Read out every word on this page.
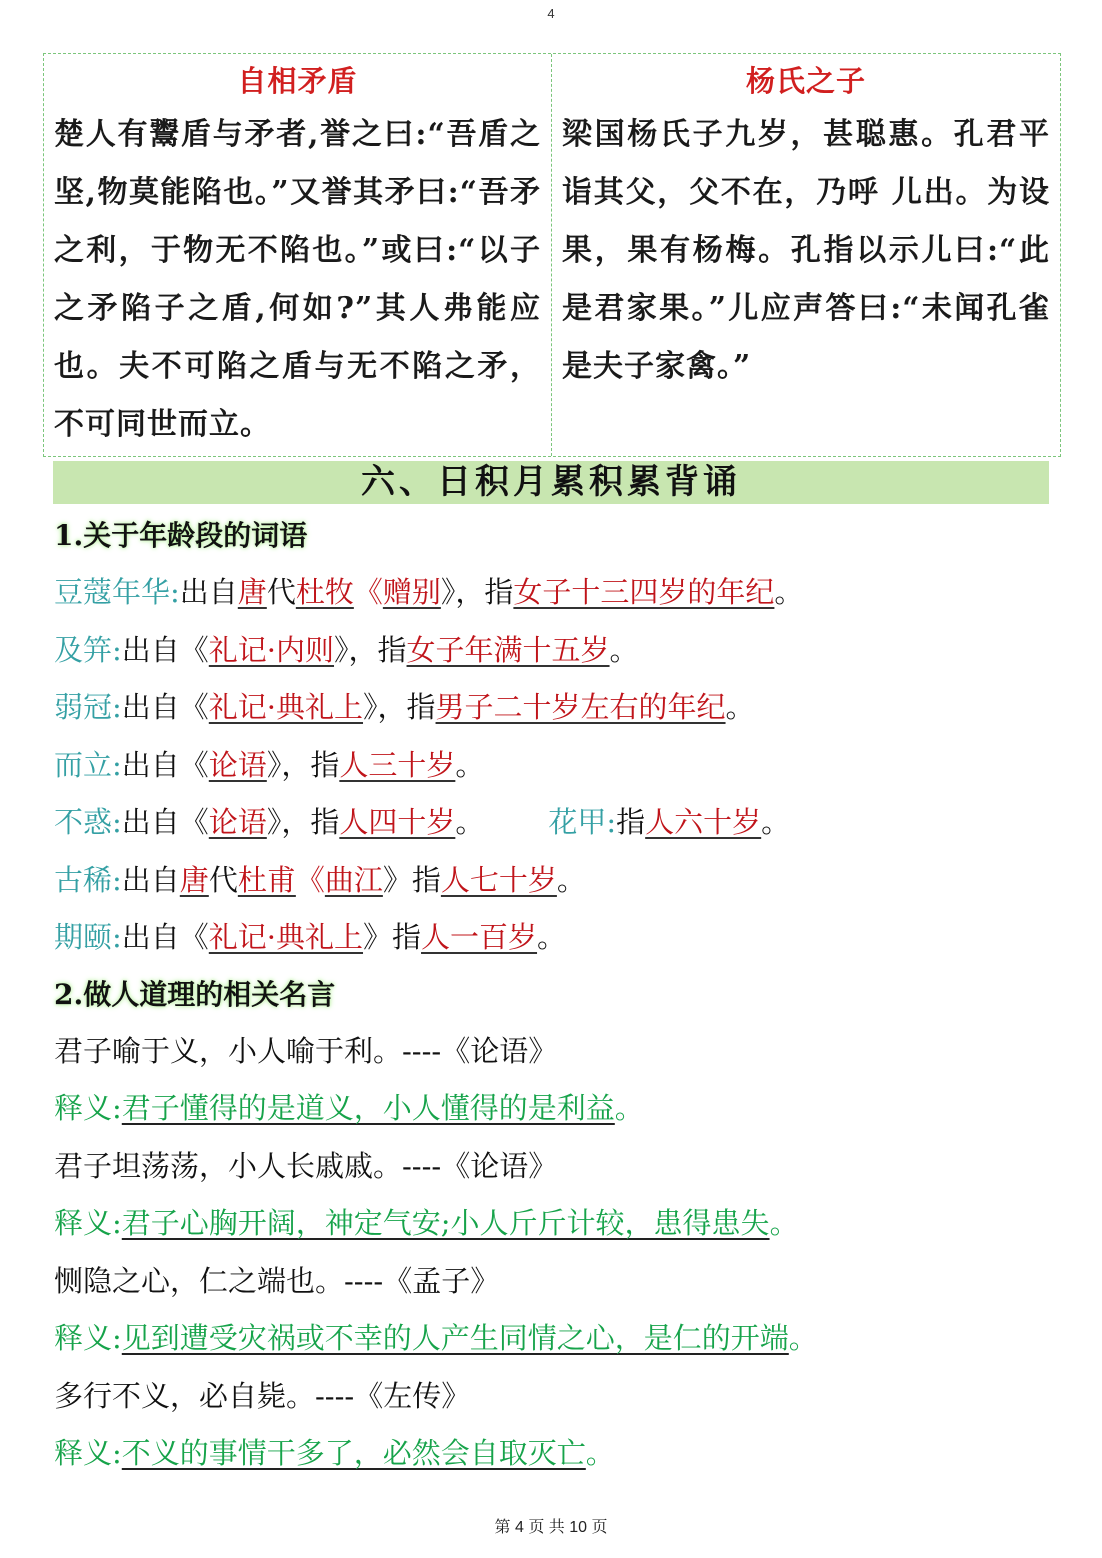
4
自相矛盾
楚人有鬻盾与矛者,誉之曰:“吾盾之坚,物莫能陷也。”又誉其矛曰:“吾矛之利，于物无不陷也。”或曰:“以子之矛陷子之盾,何如?”其人弗能应也。夫不可陷之盾与无不陷之矛，不可同世而立。
杨氏之子
梁国杨氏子九岁，甚聪惠。孔君平诣其父，父不在，乃呼 儿出。为设果，果有杨梅。孔指以示儿曰:“此是君家果。”儿应声答曰:“未闻孔雀是夫子家禽。”
六、日积月累积累背诵
1.关于年龄段的词语
豆蔻年华:出自唐代杜牧《赠别》，指女子十三四岁的年纪。
及笄:出自《礼记·内则》，指女子年满十五岁。
弱冠:出自《礼记·典礼上》，指男子二十岁左右的年纪。
而立:出自《论语》，指人三十岁。
不惑:出自《论语》，指人四十岁。 花甲:指人六十岁。
古稀:出自唐代杜甫《曲江》指人七十岁。
期颐:出自《礼记·典礼上》指人一百岁。
2.做人道理的相关名言
君子喻于义，小人喻于利。----《论语》
释义:君子懂得的是道义，小人懂得的是利益。
君子坦荡荡，小人长戚戚。----《论语》
释义:君子心胸开阔，神定气安;小人斤斤计较，患得患失。
恻隐之心，仁之端也。----《孟子》
释义:见到遭受灾祸或不幸的人产生同情之心，是仁的开端。
多行不义，必自毙。----《左传》
释义:不义的事情干多了，必然会自取灭亡。
第 4 页 共 10 页
